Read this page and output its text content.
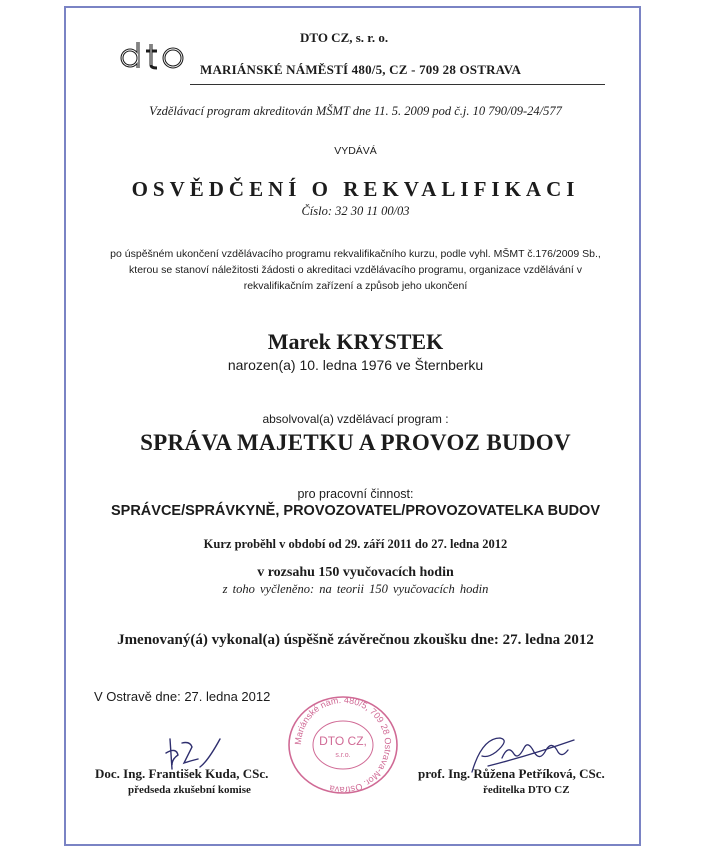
dto	DTO CZ, s. r. o.
MARIÁNSKÉ NÁMĚSTÍ 480/5, CZ - 709 28 OSTRAVA
Vzdělávací program akreditován MŠMT dne 11. 5. 2009 pod č.j. 10 790/09-24/577
VYDÁVÁ
OSVĚDČENÍ O REKVALIFIKACI
Číslo: 32 30 11 00/03
po úspěšném ukončení vzdělávacího programu rekvalifikačního kurzu, podle vyhl. MŠMT č.176/2009 Sb., kterou se stanoví náležitosti žádosti o akreditaci vzdělávacího programu, organizace vzdělávání v rekvalifikačním zařízení a způsob jeho ukončení
Marek KRYSTEK
narozen(a) 10. ledna 1976 ve Šternberku
absolvoval(a) vzdělávací program :
SPRÁVA MAJETKU A PROVOZ BUDOV
pro pracovní činnost:
SPRÁVCE/SPRÁVKYNĚ, PROVOZOVATEL/PROVOZOVATELKA BUDOV
Kurz proběhl v období od 29. září 2011 do 27. ledna 2012
v rozsahu 150 vyučovacích hodin
z toho vyčleněno: na teorii 150 vyučovacích hodin
Jmenovaný(á) vykonal(a) úspěšně závěrečnou zkoušku dne: 27. ledna 2012
V Ostravě dne: 27. ledna 2012
Mariánské nám. 480/5, 709 28 Ostrava-Mor. Ostrava
DTO CZ,
s.r.o.
Doc. Ing. František Kuda, CSc.
předseda zkušební komise
prof. Ing. Růžena Petříková, CSc.
ředitelka DTO CZ
